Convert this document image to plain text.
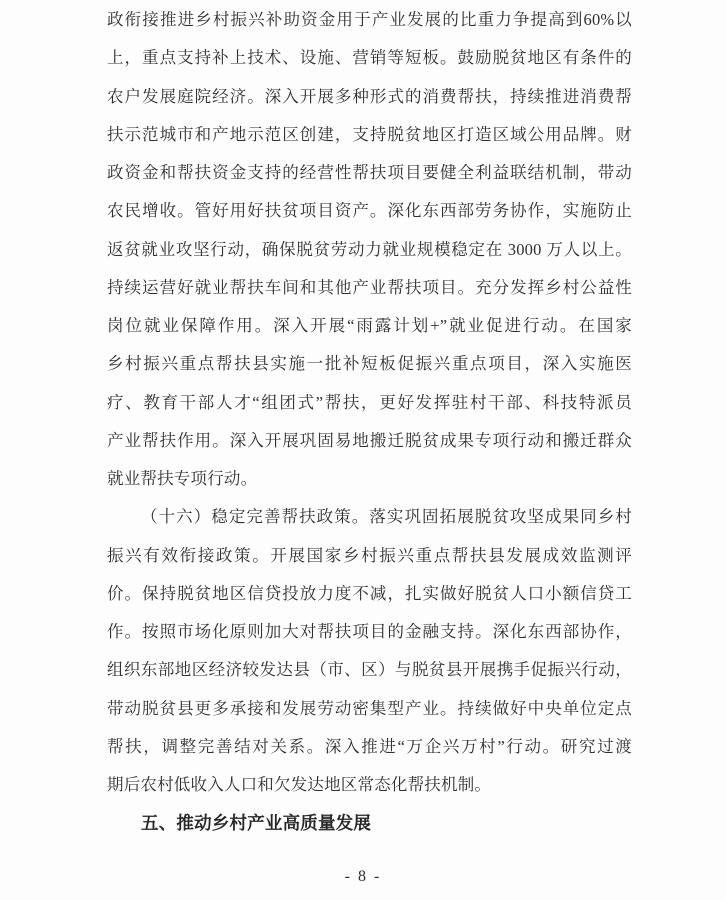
政衔接推进乡村振兴补助资金用于产业发展的比重力争提高到60%以
上，重点支持补上技术、设施、营销等短板。鼓励脱贫地区有条件的
农户发展庭院经济。深入开展多种形式的消费帮扶，持续推进消费帮
扶示范城市和产地示范区创建，支持脱贫地区打造区域公用品牌。财
政资金和帮扶资金支持的经营性帮扶项目要健全利益联结机制，带动
农民增收。管好用好扶贫项目资产。深化东西部劳务协作，实施防止
返贫就业攻坚行动，确保脱贫劳动力就业规模稳定在 3000 万人以上。
持续运营好就业帮扶车间和其他产业帮扶项目。充分发挥乡村公益性
岗位就业保障作用。深入开展“雨露计划+”就业促进行动。在国家
乡村振兴重点帮扶县实施一批补短板促振兴重点项目，深入实施医
疗、教育干部人才“组团式”帮扶，更好发挥驻村干部、科技特派员
产业帮扶作用。深入开展巩固易地搬迁脱贫成果专项行动和搬迁群众
就业帮扶专项行动。
（十六）稳定完善帮扶政策。落实巩固拓展脱贫攻坚成果同乡村
振兴有效衔接政策。开展国家乡村振兴重点帮扶县发展成效监测评
价。保持脱贫地区信贷投放力度不减，扎实做好脱贫人口小额信贷工
作。按照市场化原则加大对帮扶项目的金融支持。深化东西部协作，
组织东部地区经济较发达县（市、区）与脱贫县开展携手促振兴行动，
带动脱贫县更多承接和发展劳动密集型产业。持续做好中央单位定点
帮扶，调整完善结对关系。深入推进“万企兴万村”行动。研究过渡
期后农村低收入人口和欠发达地区常态化帮扶机制。
五、推动乡村产业高质量发展
- 8 -
